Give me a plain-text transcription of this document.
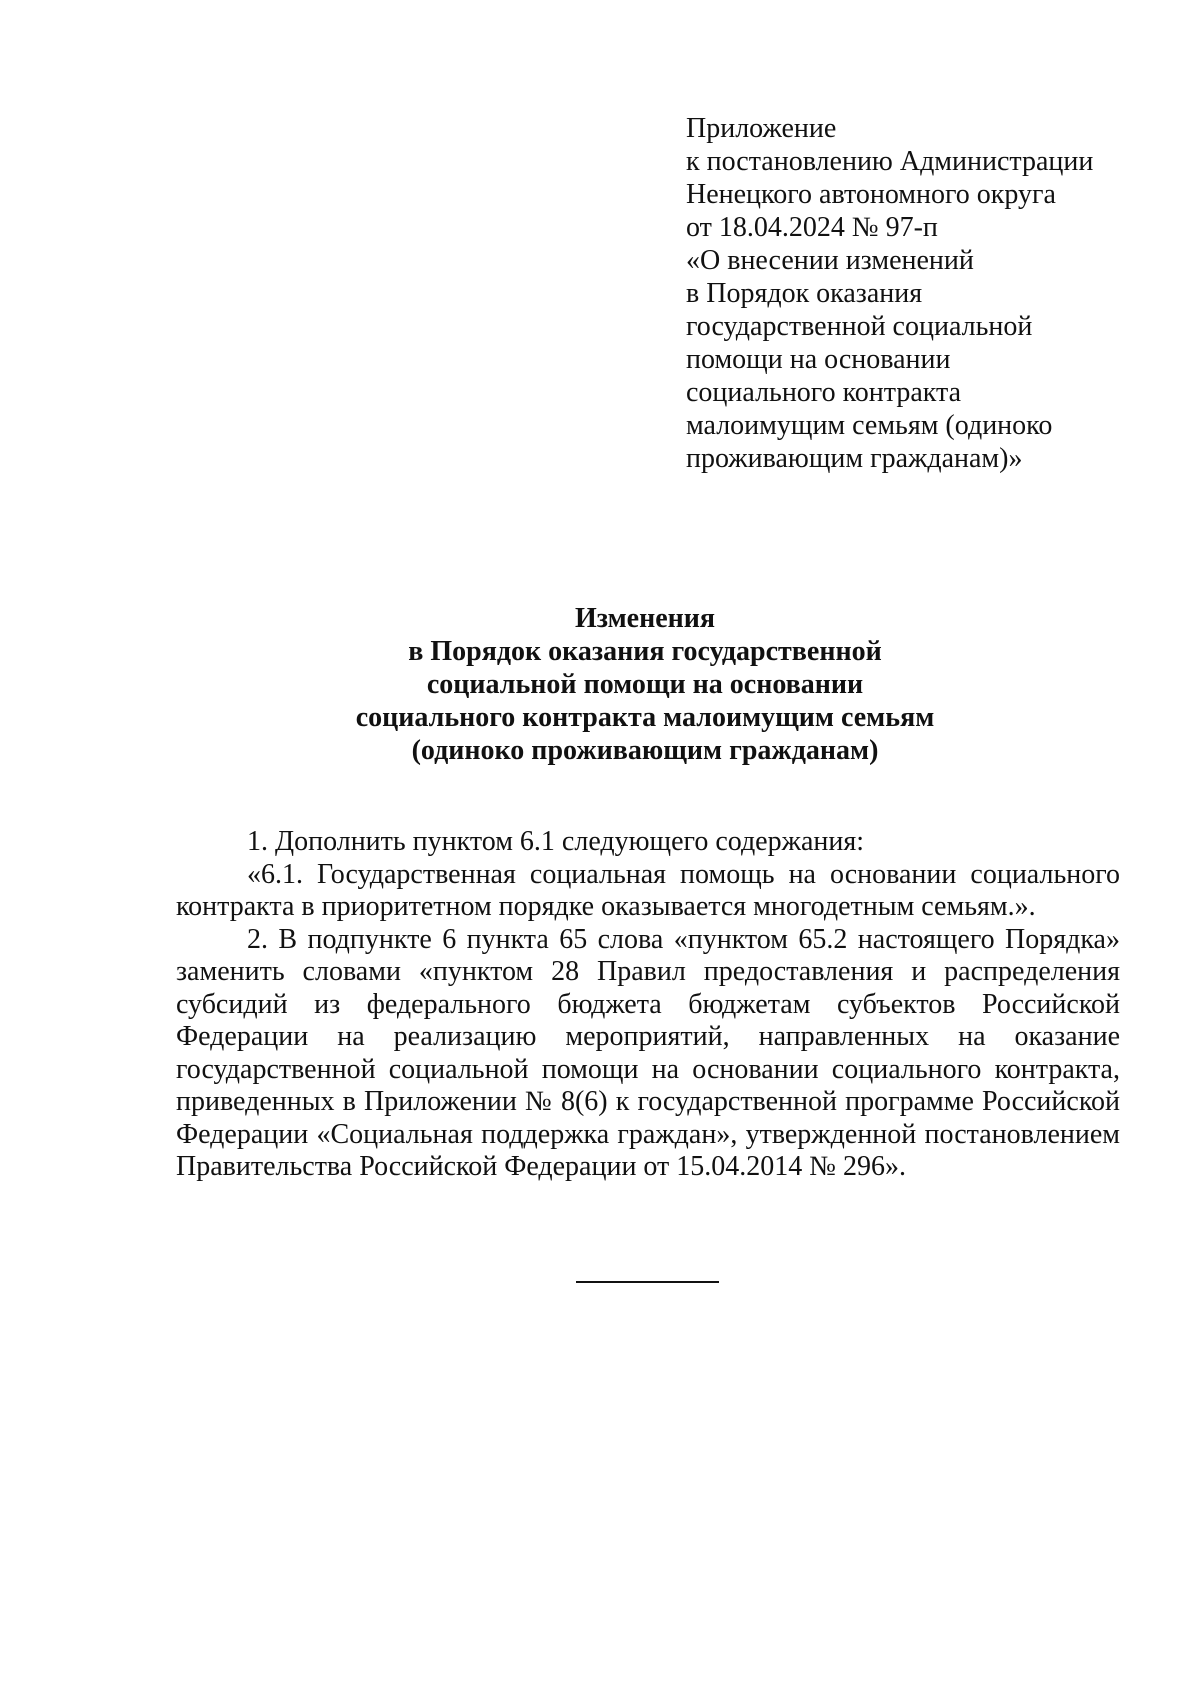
Приложение
к постановлению Администрации
Ненецкого автономного округа
от 18.04.2024 № 97-п
«О внесении изменений
в Порядок оказания
государственной социальной
помощи на основании
социального контракта
малоимущим семьям (одиноко
проживающим гражданам)»
Изменения
в Порядок оказания государственной
социальной помощи на основании
социального контракта малоимущим семьям
(одиноко проживающим гражданам)

1. Дополнить пунктом 6.1 следующего содержания:

«6.1. Государственная социальная помощь на основании социального контракта в приоритетном порядке оказывается многодетным семьям.».

2. В подпункте 6 пункта 65 слова «пунктом 65.2 настоящего Порядка» заменить словами «пунктом 28 Правил предоставления и распределения субсидий из федерального бюджета бюджетам субъектов Российской Федерации на реализацию мероприятий, направленных на оказание государственной социальной помощи на основании социального контракта, приведенных в Приложении № 8(6) к государственной программе Российской Федерации «Социальная поддержка граждан», утвержденной постановлением Правительства Российской Федерации от 15.04.2014 № 296».
